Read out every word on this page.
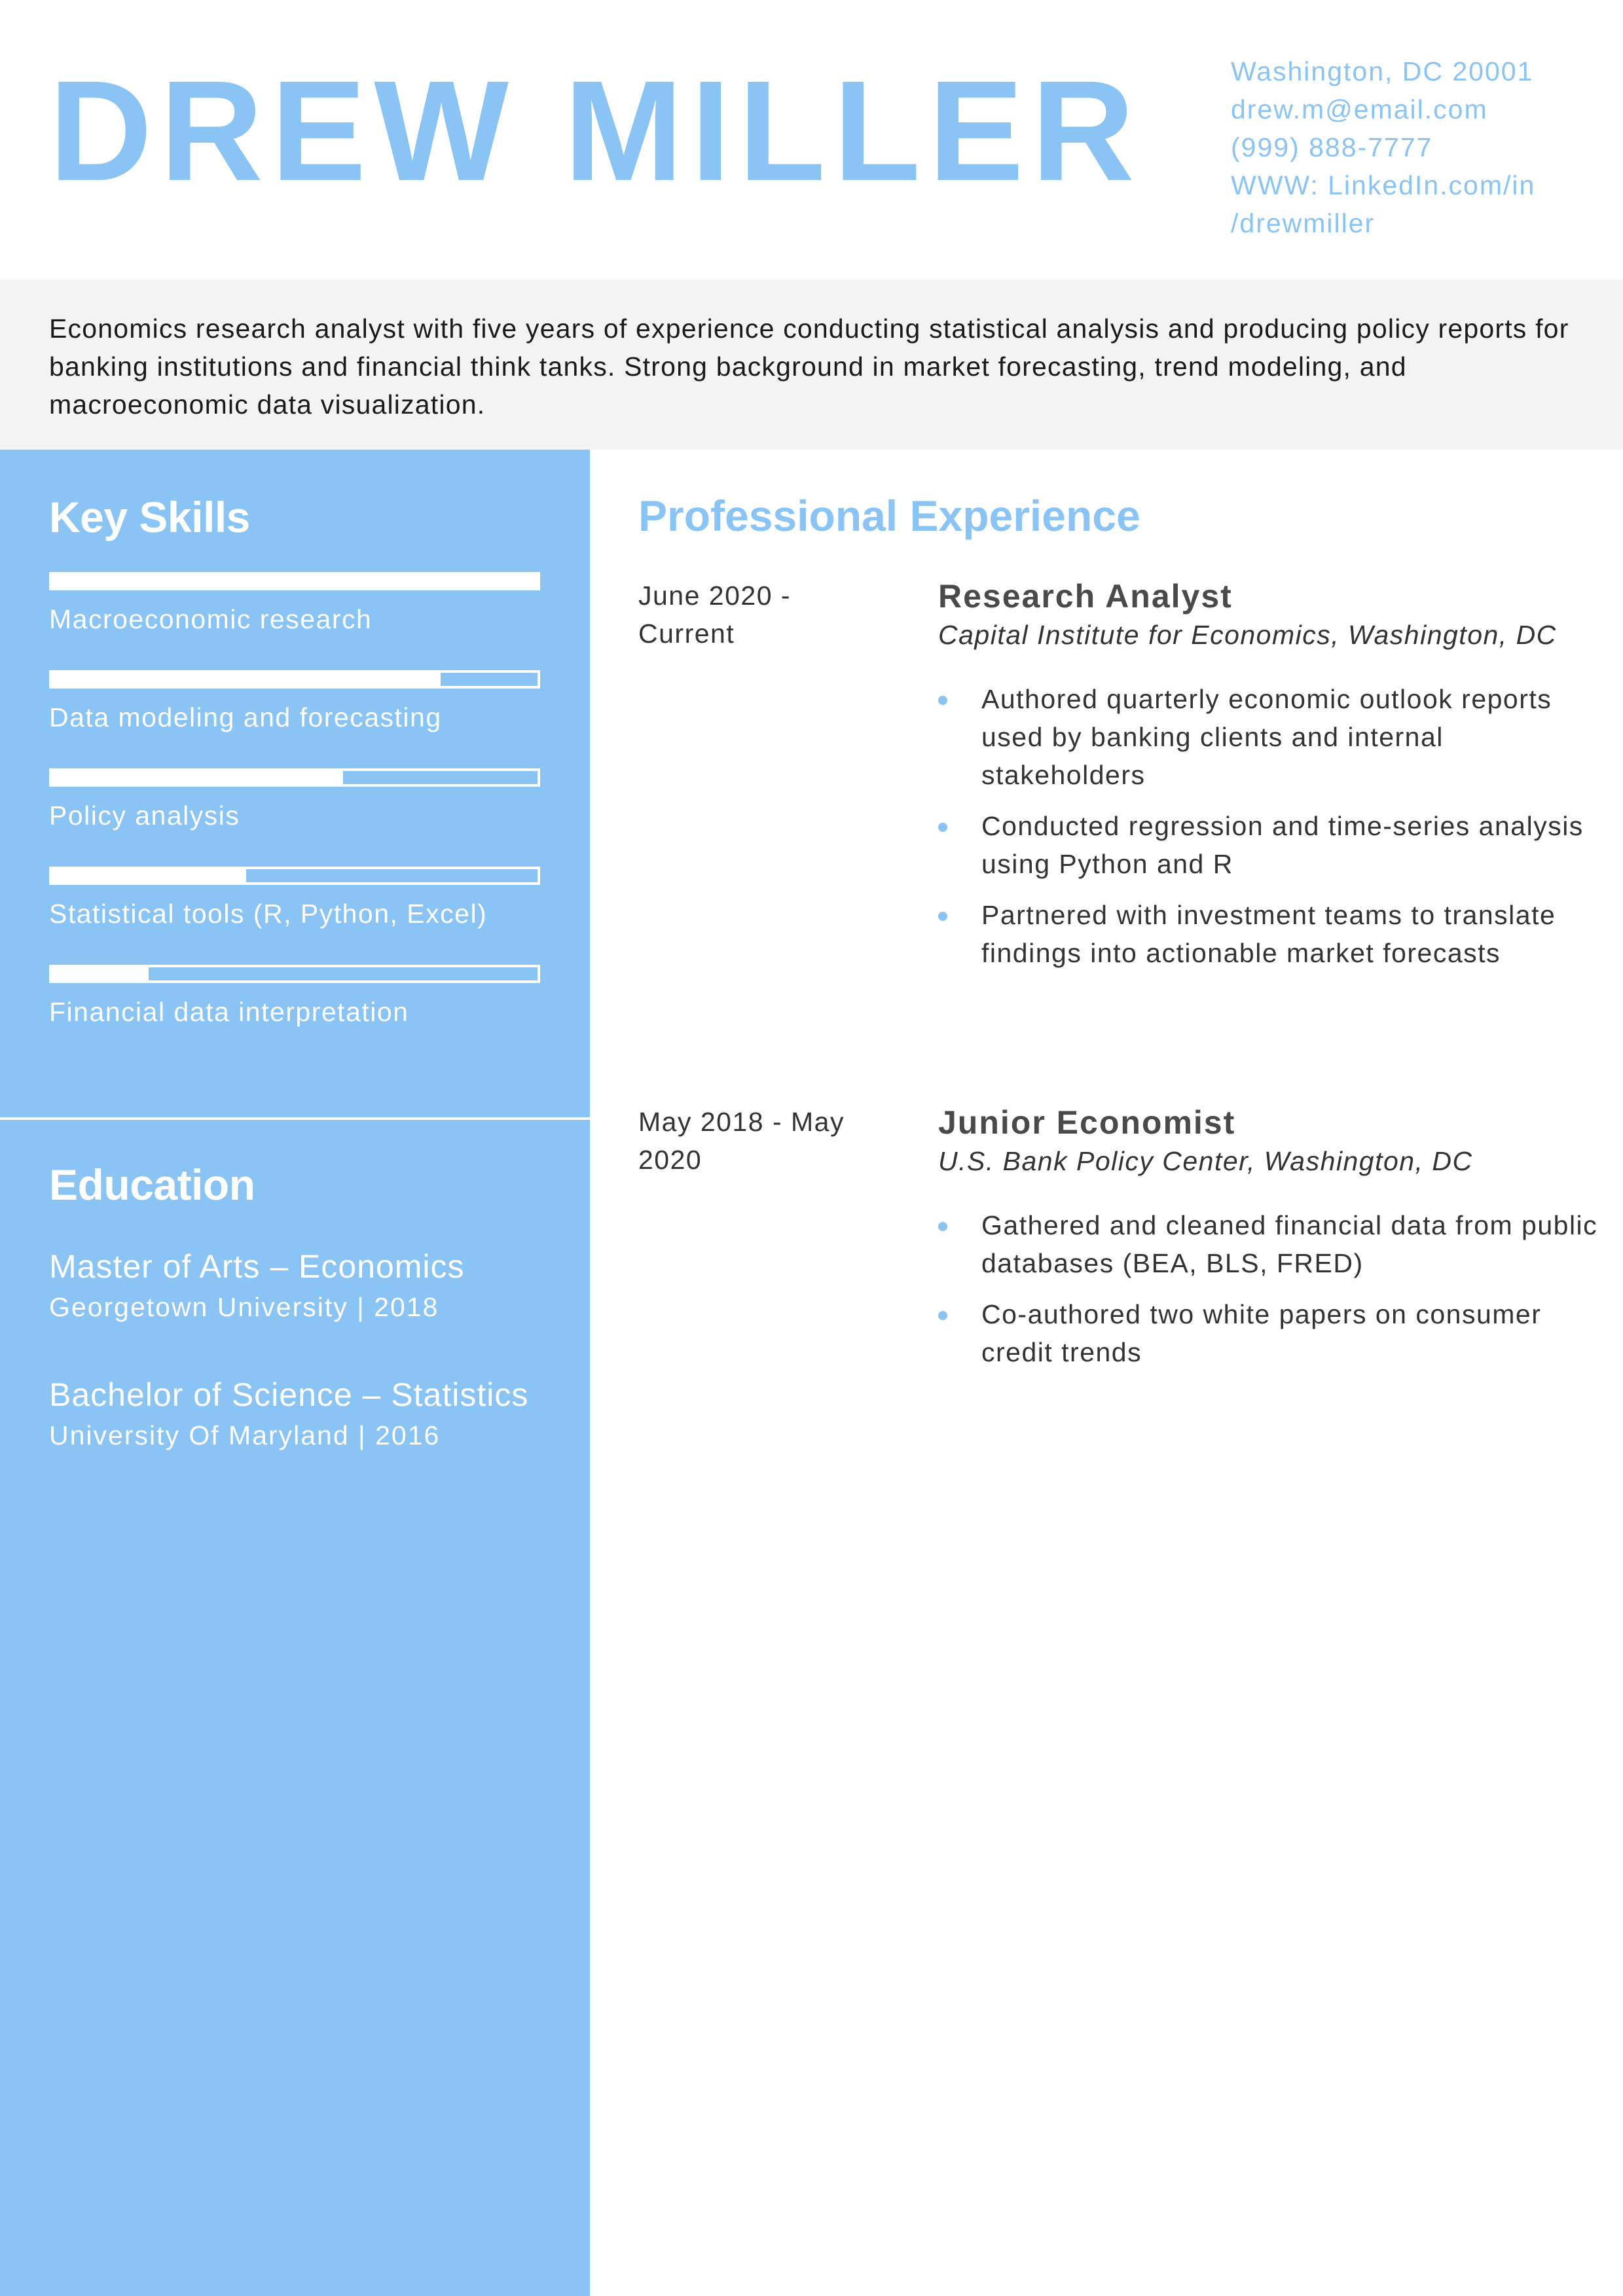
DREW MILLER	Washington, DC 20001
drew.m@email.com
(999) 888-7777
WWW: LinkedIn.com/in
/drewmiller

Economics research analyst with five years of experience conducting statistical analysis and producing policy reports for banking institutions and financial think tanks. Strong background in market forecasting, trend modeling, and macroeconomic data visualization.

Key Skills
Macroeconomic research
Data modeling and forecasting
Policy analysis
Statistical tools (R, Python, Excel)
Financial data interpretation
Education
Master of Arts – Economics
Georgetown University | 2018
Bachelor of Science – Statistics
University Of Maryland | 2016
Professional Experience
June 2020 - Current
Research Analyst
Capital Institute for Economics, Washington, DC
Authored quarterly economic outlook reports used by banking clients and internal stakeholders
Conducted regression and time-series analysis using Python and R
Partnered with investment teams to translate findings into actionable market forecasts
May 2018 - May 2020
Junior Economist
U.S. Bank Policy Center, Washington, DC
Gathered and cleaned financial data from public databases (BEA, BLS, FRED)
Co-authored two white papers on consumer credit trends
